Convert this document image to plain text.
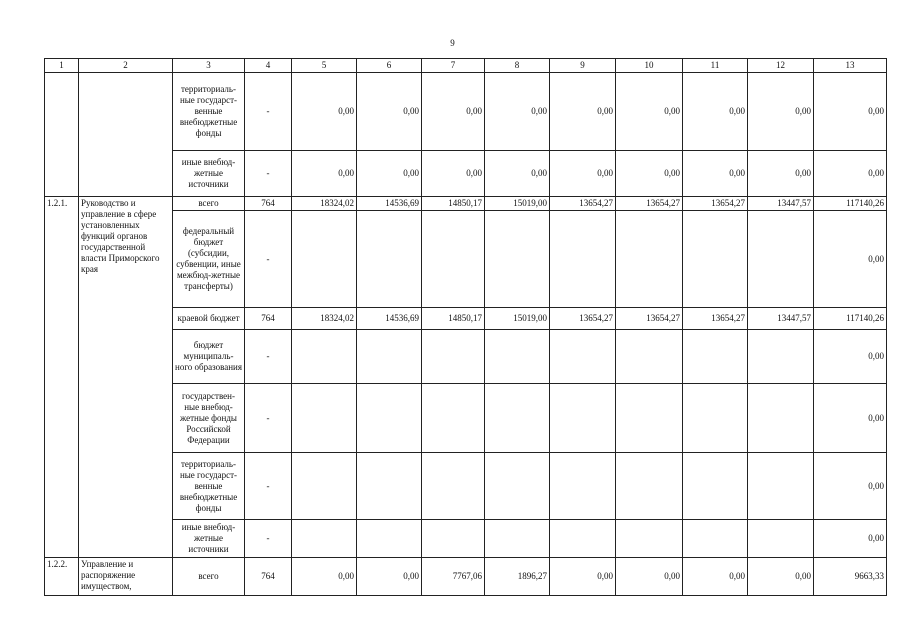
9
1	2	3	4	5	6	7	8	9	10	11	12	13
		территориаль-ные государст-венные внебюджетные фонды	-	0,00	0,00	0,00	0,00	0,00	0,00	0,00	0,00	0,00
		иные внебюд-жетные источники	-	0,00	0,00	0,00	0,00	0,00	0,00	0,00	0,00	0,00
1.2.1.	Руководство и управление в сфере установленных функций органов государственной власти Приморского края	всего	764	18324,02	14536,69	14850,17	15019,00	13654,27	13654,27	13654,27	13447,57	117140,26
		федеральный бюджет (субсидии, субвенции, иные межбюд-жетные трансферты)	-									0,00
		краевой бюджет	764	18324,02	14536,69	14850,17	15019,00	13654,27	13654,27	13654,27	13447,57	117140,26
		бюджет муниципаль-ного образования	-									0,00
		государствен-ные внебюд-жетные фонды Российской Федерации	-									0,00
		территориаль-ные государст-венные внебюджетные фонды	-									0,00
		иные внебюд-жетные источники	-									0,00
1.2.2.	Управление и распоряжение имуществом,	всего	764	0,00	0,00	7767,06	1896,27	0,00	0,00	0,00	0,00	9663,33
